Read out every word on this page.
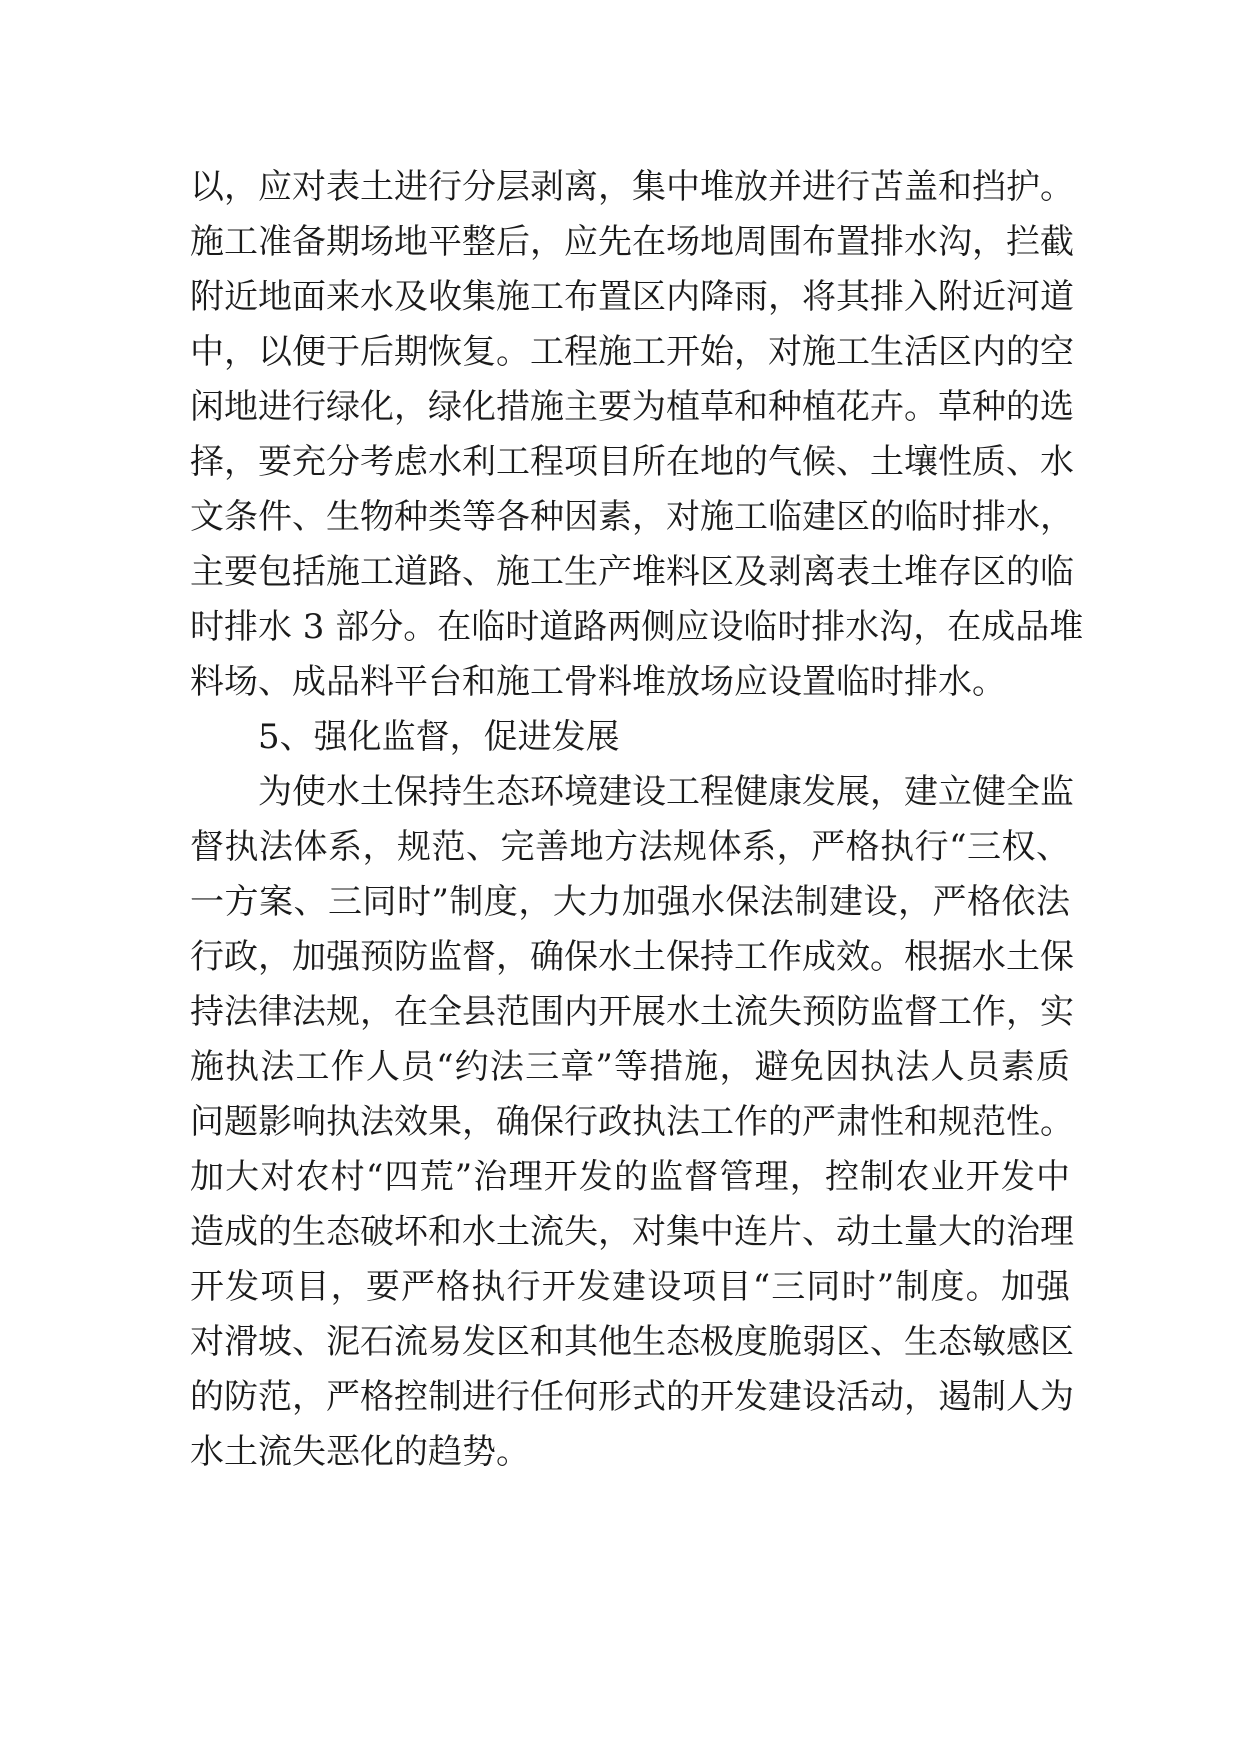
以，应对表土进行分层剥离，集中堆放并进行苫盖和挡护。
施工准备期场地平整后，应先在场地周围布置排水沟，拦截
附近地面来水及收集施工布置区内降雨，将其排入附近河道
中，以便于后期恢复。工程施工开始，对施工生活区内的空
闲地进行绿化，绿化措施主要为植草和种植花卉。草种的选
择，要充分考虑水利工程项目所在地的气候、土壤性质、水
文条件、生物种类等各种因素，对施工临建区的临时排水，
主要包括施工道路、施工生产堆料区及剥离表土堆存区的临
时排水 3 部分。在临时道路两侧应设临时排水沟，在成品堆
料场、成品料平台和施工骨料堆放场应设置临时排水。
5、强化监督，促进发展
为使水土保持生态环境建设工程健康发展，建立健全监
督执法体系，规范、完善地方法规体系，严格执行“三权、
一方案、三同时”制度，大力加强水保法制建设，严格依法
行政，加强预防监督，确保水土保持工作成效。根据水土保
持法律法规，在全县范围内开展水土流失预防监督工作，实
施执法工作人员“约法三章”等措施，避免因执法人员素质
问题影响执法效果，确保行政执法工作的严肃性和规范性。
加大对农村“四荒”治理开发的监督管理，控制农业开发中
造成的生态破坏和水土流失，对集中连片、动土量大的治理
开发项目，要严格执行开发建设项目“三同时”制度。加强
对滑坡、泥石流易发区和其他生态极度脆弱区、生态敏感区
的防范，严格控制进行任何形式的开发建设活动，遏制人为
水土流失恶化的趋势。
